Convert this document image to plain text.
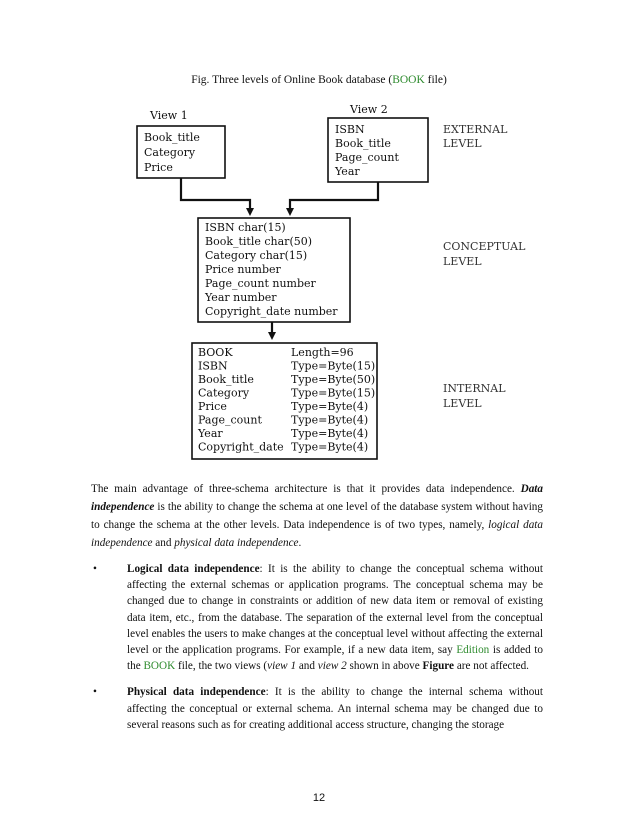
Fig. Three levels of Online Book database (BOOK file)
View 1
Book_title
Category
Price
View 2
ISBN
Book_title
Page_count
Year
EXTERNAL
LEVEL
ISBN char(15)
Book_title char(50)
Category char(15)
Price number
Page_count number
Year number
Copyright_date number
CONCEPTUAL
LEVEL
BOOK	Length=96
ISBN	Type=Byte(15)
Book_title	Type=Byte(50)
Category	Type=Byte(15)
Price	Type=Byte(4)
Page_count	Type=Byte(4)
Year	Type=Byte(4)
Copyright_date Type=Byte(4)
INTERNAL
LEVEL
The main advantage of three-schema architecture is that it provides data independence. Data independence is the ability to change the schema at one level of the database system without having to change the schema at the other levels. Data independence is of two types, namely, logical data independence and physical data independence.
•	Logical data independence: It is the ability to change the conceptual schema without affecting the external schemas or application programs. The conceptual schema may be changed due to change in constraints or addition of new data item or removal of existing data item, etc., from the database. The separation of the external level from the conceptual level enables the users to make changes at the conceptual level without affecting the external level or the application programs. For example, if a new data item, say Edition is added to the BOOK file, the two views (view 1 and view 2 shown in above Figure are not affected.
•	Physical data independence: It is the ability to change the internal schema without affecting the conceptual or external schema. An internal schema may be changed due to several reasons such as for creating additional access structure, changing the storage
12
